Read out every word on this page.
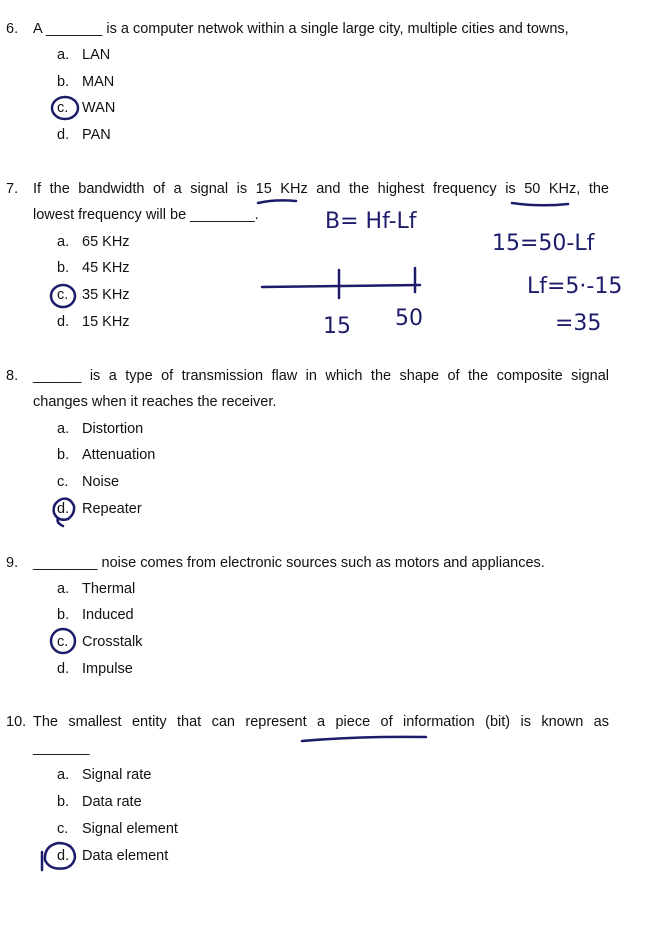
6. A _______ is a computer netwok within a single large city, multiple cities and towns,
a. LAN
b. MAN
c. WAN
d. PAN
7. If the bandwidth of a signal is 15 KHz and the highest frequency is 50 KHz, the
lowest frequency will be ________.
a. 65 KHz
b. 45 KHz
c. 35 KHz
d. 15 KHz
8. ______ is a type of transmission flaw in which the shape of the composite signal
changes when it reaches the receiver.
a. Distortion
b. Attenuation
c. Noise
d. Repeater
9. ________ noise comes from electronic sources such as motors and appliances.
a. Thermal
b. Induced
c. Crosstalk
d. Impulse
10. The smallest entity that can represent a piece of information (bit) is known as
_______
a. Signal rate
b. Data rate
c. Signal element
d. Data element
B= Hf-Lf
15=50-Lf
Lf=5·-15
=35
15 50
